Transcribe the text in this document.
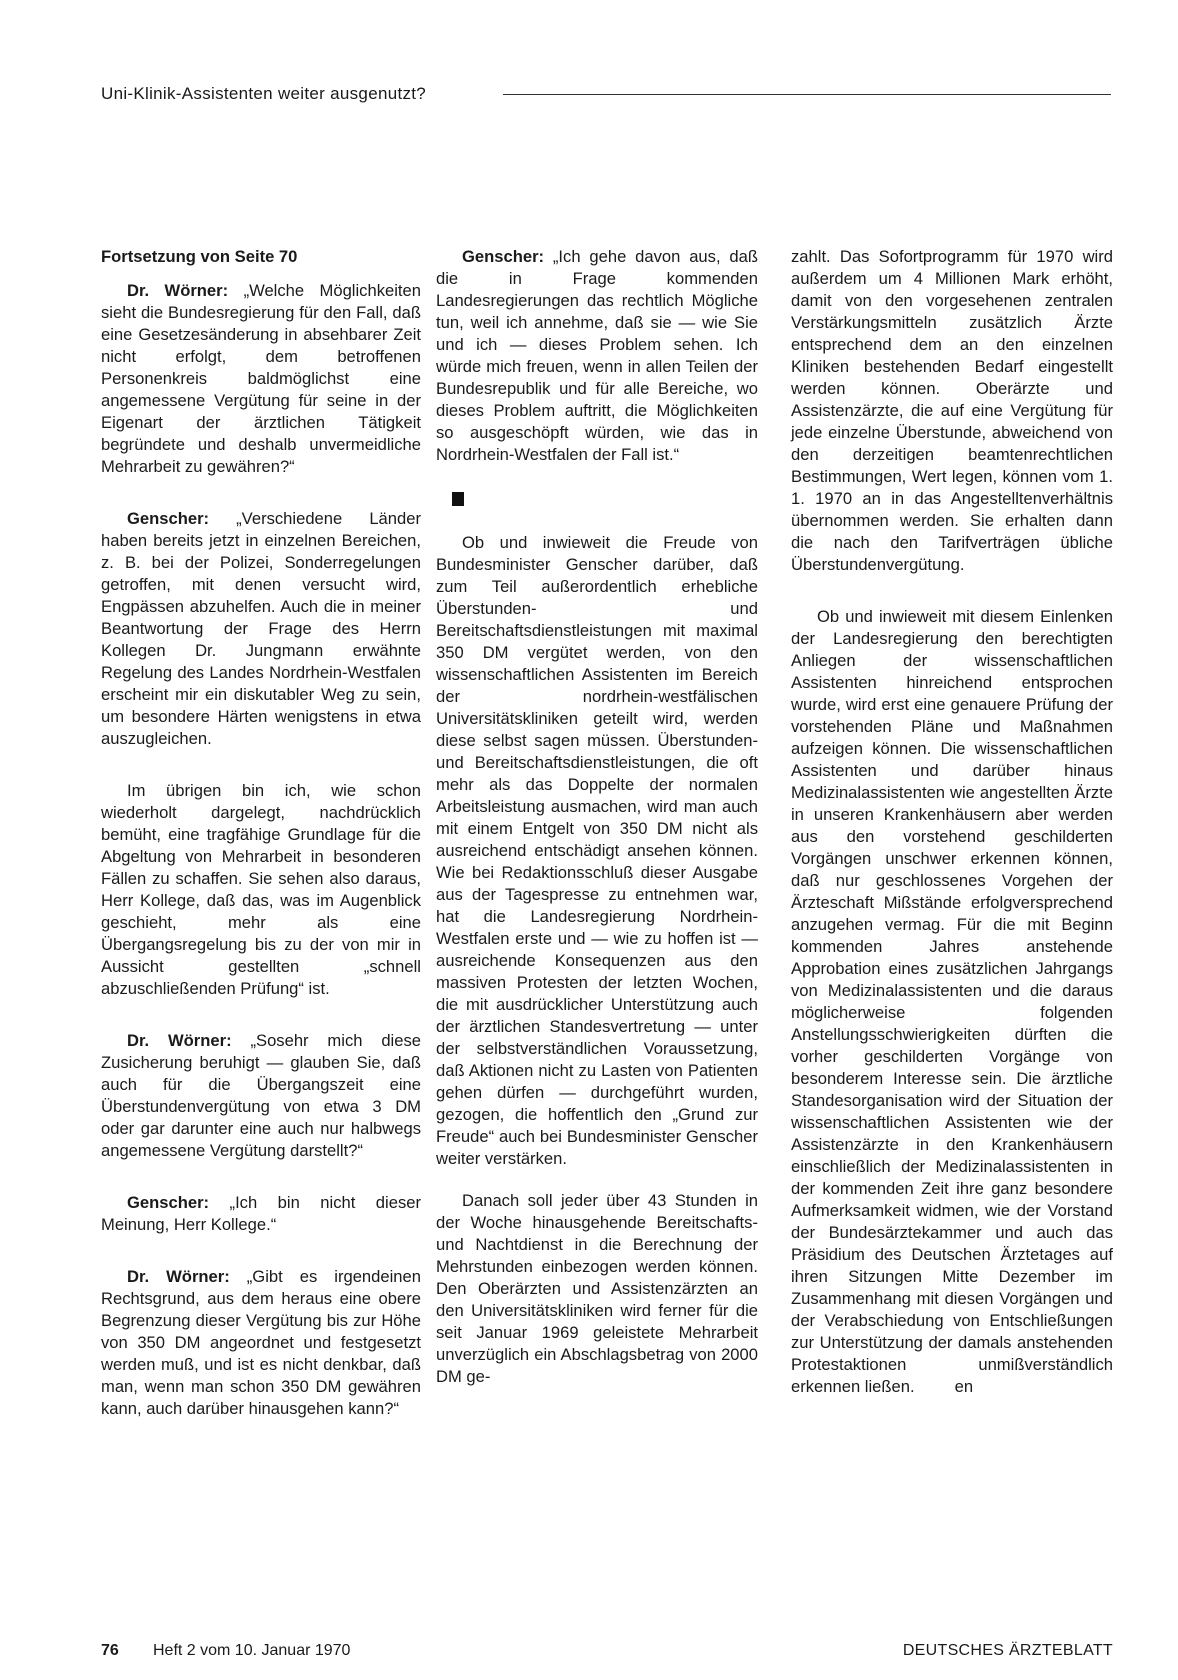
Uni-Klinik-Assistenten weiter ausgenutzt?
Fortsetzung von Seite 70

Dr. Wörner: „Welche Möglichkeiten sieht die Bundesregierung für den Fall, daß eine Gesetzesänderung in absehbarer Zeit nicht erfolgt, dem betroffenen Personenkreis baldmöglichst eine angemessene Vergütung für seine in der Eigenart der ärztlichen Tätigkeit begründete und deshalb unvermeidliche Mehrarbeit zu gewähren?“

Genscher: „Verschiedene Länder haben bereits jetzt in einzelnen Bereichen, z. B. bei der Polizei, Sonderregelungen getroffen, mit denen versucht wird, Engpässen abzuhelfen. Auch die in meiner Beantwortung der Frage des Herrn Kollegen Dr. Jungmann erwähnte Regelung des Landes Nordrhein-Westfalen erscheint mir ein diskutabler Weg zu sein, um besondere Härten wenigstens in etwa auszugleichen.

Im übrigen bin ich, wie schon wiederholt dargelegt, nachdrücklich bemüht, eine tragfähige Grundlage für die Abgeltung von Mehrarbeit in besonderen Fällen zu schaffen. Sie sehen also daraus, Herr Kollege, daß das, was im Augenblick geschieht, mehr als eine Übergangsregelung bis zu der von mir in Aussicht gestellten „schnell abzuschließenden Prüfung“ ist.

Dr. Wörner: „Sosehr mich diese Zusicherung beruhigt — glauben Sie, daß auch für die Übergangszeit eine Überstundenvergütung von etwa 3 DM oder gar darunter eine auch nur halbwegs angemessene Vergütung darstellt?“

Genscher: „Ich bin nicht dieser Meinung, Herr Kollege.“

Dr. Wörner: „Gibt es irgendeinen Rechtsgrund, aus dem heraus eine obere Begrenzung dieser Vergütung bis zur Höhe von 350 DM angeordnet und festgesetzt werden muß, und ist es nicht denkbar, daß man, wenn man schon 350 DM gewähren kann, auch darüber hinausgehen kann?“

Genscher: „Ich gehe davon aus, daß die in Frage kommenden Landesregierungen das rechtlich Mögliche tun, weil ich annehme, daß sie — wie Sie und ich — dieses Problem sehen. Ich würde mich freuen, wenn in allen Teilen der Bundesrepublik und für alle Bereiche, wo dieses Problem auftritt, die Möglichkeiten so ausgeschöpft würden, wie das in Nordrhein-Westfalen der Fall ist.“

Ob und inwieweit die Freude von Bundesminister Genscher darüber, daß zum Teil außerordentlich erhebliche Überstunden- und Bereitschaftsdienstleistungen mit maximal 350 DM vergütet werden, von den wissenschaftlichen Assistenten im Bereich der nordrhein-westfälischen Universitätskliniken geteilt wird, werden diese selbst sagen müssen. Überstunden- und Bereitschaftsdienstleistungen, die oft mehr als das Doppelte der normalen Arbeitsleistung ausmachen, wird man auch mit einem Entgelt von 350 DM nicht als ausreichend entschädigt ansehen können. Wie bei Redaktionsschluß dieser Ausgabe aus der Tagespresse zu entnehmen war, hat die Landesregierung Nordrhein-Westfalen erste und — wie zu hoffen ist — ausreichende Konsequenzen aus den massiven Protesten der letzten Wochen, die mit ausdrücklicher Unterstützung auch der ärztlichen Standesvertretung — unter der selbstverständlichen Voraussetzung, daß Aktionen nicht zu Lasten von Patienten gehen dürfen — durchgeführt wurden, gezogen, die hoffentlich den „Grund zur Freude“ auch bei Bundesminister Genscher weiter verstärken.

Danach soll jeder über 43 Stunden in der Woche hinausgehende Bereitschafts- und Nachtdienst in die Berechnung der Mehrstunden einbezogen werden können. Den Oberärzten und Assistenzärzten an den Universitätskliniken wird ferner für die seit Januar 1969 geleistete Mehrarbeit unverzüglich ein Abschlagsbetrag von 2000 DM ge-

zahlt. Das Sofortprogramm für 1970 wird außerdem um 4 Millionen Mark erhöht, damit von den vorgesehenen zentralen Verstärkungsmitteln zusätzlich Ärzte entsprechend dem an den einzelnen Kliniken bestehenden Bedarf eingestellt werden können. Oberärzte und Assistenzärzte, die auf eine Vergütung für jede einzelne Überstunde, abweichend von den derzeitigen beamtenrechtlichen Bestimmungen, Wert legen, können vom 1. 1. 1970 an in das Angestelltenverhältnis übernommen werden. Sie erhalten dann die nach den Tarifverträgen übliche Überstundenvergütung.

Ob und inwieweit mit diesem Einlenken der Landesregierung den berechtigten Anliegen der wissenschaftlichen Assistenten hinreichend entsprochen wurde, wird erst eine genauere Prüfung der vorstehenden Pläne und Maßnahmen aufzeigen können. Die wissenschaftlichen Assistenten und darüber hinaus Medizinalassistenten wie angestellten Ärzte in unseren Krankenhäusern aber werden aus den vorstehend geschilderten Vorgängen unschwer erkennen können, daß nur geschlossenes Vorgehen der Ärzteschaft Mißstände erfolgversprechend anzugehen vermag. Für die mit Beginn kommenden Jahres anstehende Approbation eines zusätzlichen Jahrgangs von Medizinalassistenten und die daraus möglicherweise folgenden Anstellungsschwierigkeiten dürften die vorher geschilderten Vorgänge von besonderem Interesse sein. Die ärztliche Standesorganisation wird der Situation der wissenschaftlichen Assistenten wie der Assistenzärzte in den Krankenhäusern einschließlich der Medizinalassistenten in der kommenden Zeit ihre ganz besondere Aufmerksamkeit widmen, wie der Vorstand der Bundesärztekammer und auch das Präsidium des Deutschen Ärztetages auf ihren Sitzungen Mitte Dezember im Zusammenhang mit diesen Vorgängen und der Verabschiedung von Entschließungen zur Unterstützung der damals anstehenden Protestaktionen unmißverständlich erkennen ließen. en

76 Heft 2 vom 10. Januar 1970	DEUTSCHES ÄRZTEBLATT
